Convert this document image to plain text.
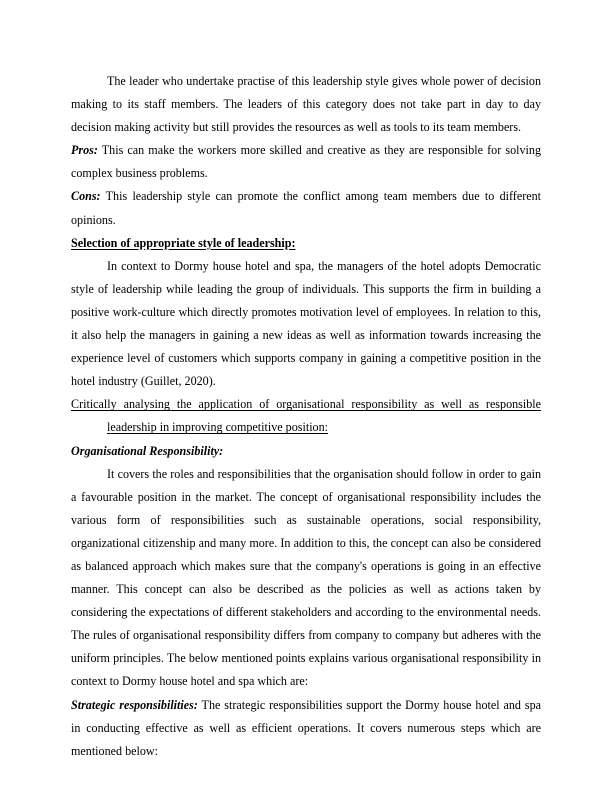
The leader who undertake practise of this leadership style gives whole power of decision making to its staff members. The leaders of this category does not take part in day to day decision making activity but still provides the resources as well as tools to its team members.

Pros: This can make the workers more skilled and creative as they are responsible for solving complex business problems.

Cons: This leadership style can promote the conflict among team members due to different opinions.

Selection of appropriate style of leadership:

In context to Dormy house hotel and spa, the managers of the hotel adopts Democratic style of leadership while leading the group of individuals. This supports the firm in building a positive work-culture which directly promotes motivation level of employees. In relation to this, it also help the managers in gaining a new ideas as well as information towards increasing the experience level of customers which supports company in gaining a competitive position in the hotel industry (Guillet, 2020).

Critically analysing the application of organisational responsibility as well as responsible
leadership in improving competitive position:

Organisational Responsibility:

It covers the roles and responsibilities that the organisation should follow in order to gain a favourable position in the market. The concept of organisational responsibility includes the various form of responsibilities such as sustainable operations, social responsibility, organizational citizenship and many more. In addition to this, the concept can also be considered as balanced approach which makes sure that the company's operations is going in an effective manner. This concept can also be described as the policies as well as actions taken by considering the expectations of different stakeholders and according to the environmental needs. The rules of organisational responsibility differs from company to company but adheres with the uniform principles. The below mentioned points explains various organisational responsibility in context to Dormy house hotel and spa which are:

Strategic responsibilities: The strategic responsibilities support the Dormy house hotel and spa in conducting effective as well as efficient operations. It covers numerous steps which are mentioned below:
